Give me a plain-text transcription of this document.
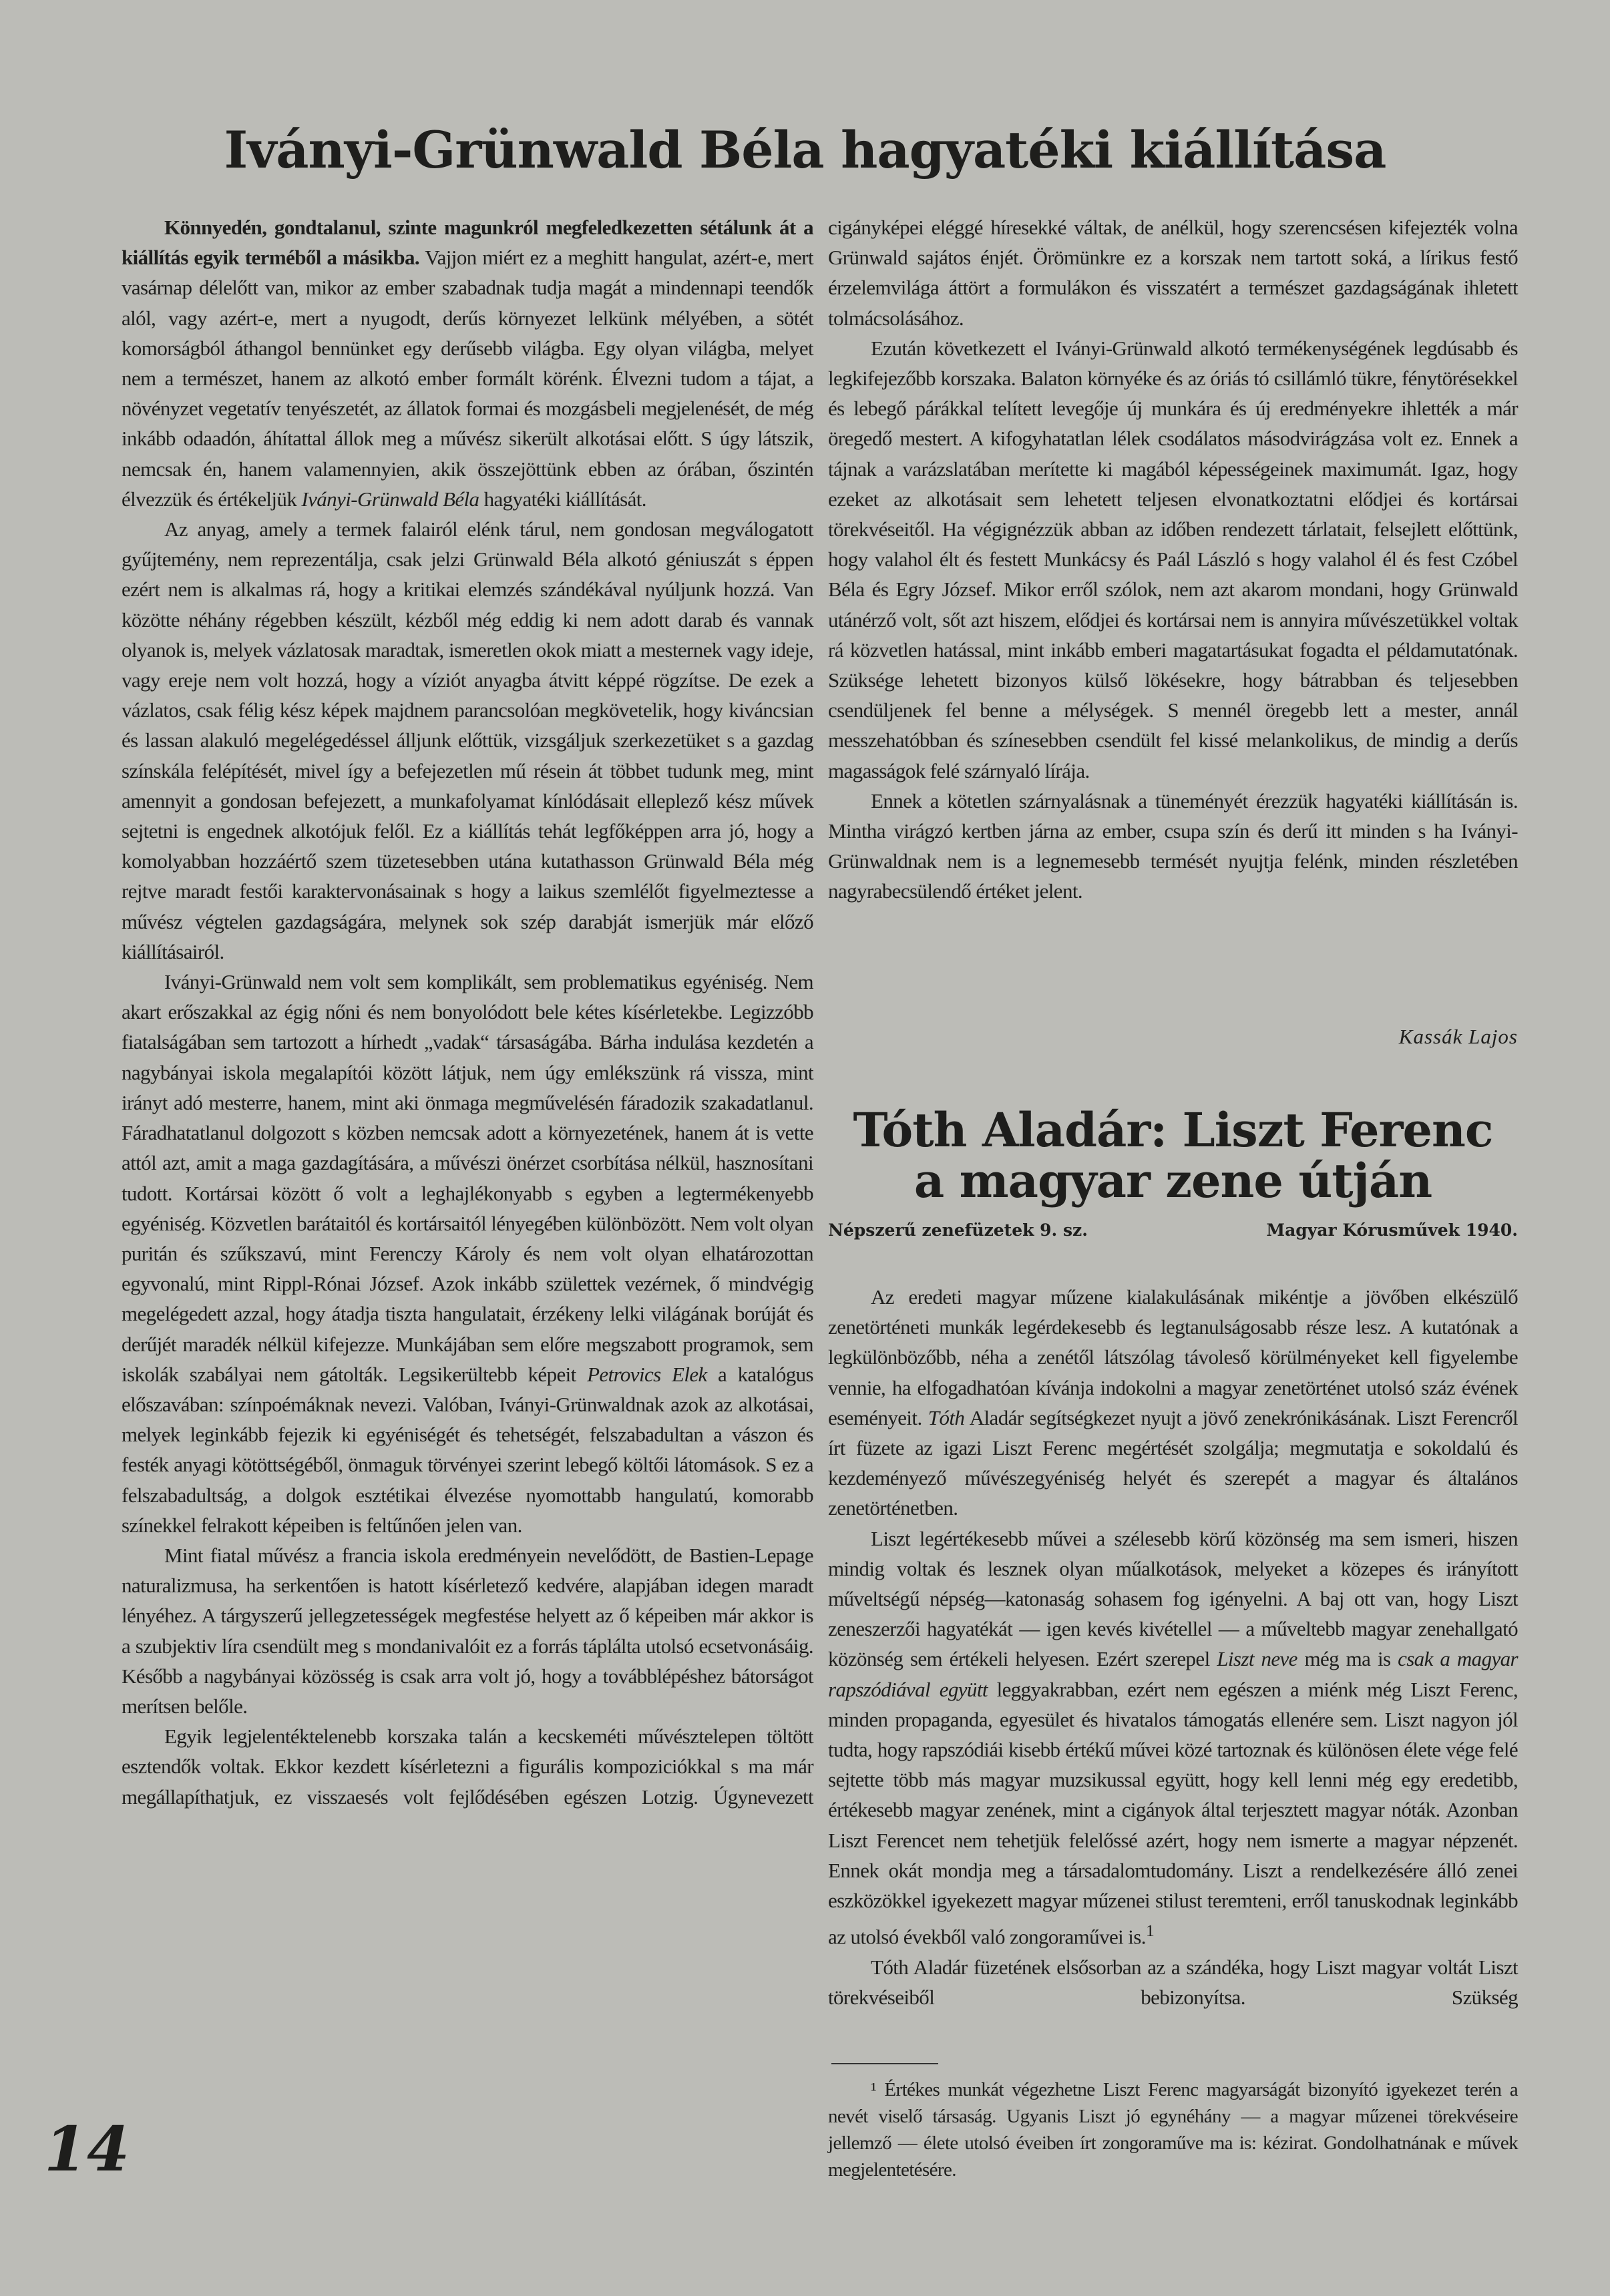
Iványi-Grünwald Béla hagyatéki kiállítása

Könnyedén, gondtalanul, szinte magunkról megfeledkezetten sétálunk át a kiállítás egyik terméből a másikba. Vajjon miért ez a meghitt hangulat, azért-e, mert vasárnap délelőtt van, mikor az ember szabadnak tudja magát a mindennapi teendők alól, vagy azért-e, mert a nyugodt, derűs környezet lelkünk mélyében, a sötét komorságból áthangol bennünket egy derűsebb világba. Egy olyan világba, melyet nem a természet, hanem az alkotó ember formált körénk. Élvezni tudom a tájat, a növényzet vegetatív tenyészetét, az állatok formai és mozgásbeli megjelenését, de még inkább odaadón, áhítattal állok meg a művész sikerült alkotásai előtt. S úgy látszik, nemcsak én, hanem valamennyien, akik összejöttünk ebben az órában, őszintén élvezzük és értékeljük Iványi-Grünwald Béla hagyatéki kiállítását.

Az anyag, amely a termek falairól elénk tárul, nem gondosan megválogatott gyűjtemény, nem reprezentálja, csak jelzi Grünwald Béla alkotó géniuszát s éppen ezért nem is alkalmas rá, hogy a kritikai elemzés szándékával nyúljunk hozzá. Van közötte néhány régebben készült, kézből még eddig ki nem adott darab és vannak olyanok is, melyek vázlatosak maradtak, ismeretlen okok miatt a mesternek vagy ideje, vagy ereje nem volt hozzá, hogy a víziót anyagba átvitt képpé rögzítse. De ezek a vázlatos, csak félig kész képek majdnem parancsolóan megkövetelik, hogy kiváncsian és lassan alakuló megelégedéssel álljunk előttük, vizsgáljuk szerkezetüket s a gazdag színskála felépítését, mivel így a befejezetlen mű résein át többet tudunk meg, mint amennyit a gondosan befejezett, a munkafolyamat kínlódásait elleplező kész művek sejtetni is engednek alkotójuk felől. Ez a kiállítás tehát legfőképpen arra jó, hogy a komolyabban hozzáértő szem tüzetesebben utána kutathasson Grünwald Béla még rejtve maradt festői karaktervonásainak s hogy a laikus szemlélőt figyelmeztesse a művész végtelen gazdagságára, melynek sok szép darabját ismerjük már előző kiállításairól.

Iványi-Grünwald nem volt sem komplikált, sem problematikus egyéniség. Nem akart erőszakkal az égig nőni és nem bonyolódott bele kétes kísérletekbe. Legizzóbb fiatalságában sem tartozott a hírhedt „vadak“ társaságába. Bárha indulása kezdetén a nagybányai iskola megalapítói között látjuk, nem úgy emlékszünk rá vissza, mint irányt adó mesterre, hanem, mint aki önmaga megművelésén fáradozik szakadatlanul. Fáradhatatlanul dolgozott s közben nemcsak adott a környezetének, hanem át is vette attól azt, amit a maga gazdagítására, a művészi önérzet csorbítása nélkül, hasznosítani tudott. Kortársai között ő volt a leghajlékonyabb s egyben a legtermékenyebb egyéniség. Közvetlen barátaitól és kortársaitól lényegében különbözött. Nem volt olyan puritán és szűkszavú, mint Ferenczy Károly és nem volt olyan elhatározottan egyvonalú, mint Rippl-Rónai József. Azok inkább születtek vezérnek, ő mindvégig megelégedett azzal, hogy átadja tiszta hangulatait, érzékeny lelki világának borúját és derűjét maradék nélkül kifejezze. Munkájában sem előre megszabott programok, sem iskolák szabályai nem gátolták. Legsikerültebb képeit Petrovics Elek a katalógus előszavában: színpoémáknak nevezi. Valóban, Iványi-Grünwaldnak azok az alkotásai, melyek leginkább fejezik ki egyéniségét és tehetségét, felszabadultan a vászon és festék anyagi kötöttségéből, önmaguk törvényei szerint lebegő költői látomások. S ez a felszabadultság, a dolgok esztétikai élvezése nyomottabb hangulatú, komorabb színekkel felrakott képeiben is feltűnően jelen van.

Mint fiatal művész a francia iskola eredményein nevelődött, de Bastien-Lepage naturalizmusa, ha serkentően is hatott kísérletező kedvére, alapjában idegen maradt lényéhez. A tárgyszerű jellegzetességek megfestése helyett az ő képeiben már akkor is a szubjektiv líra csendült meg s mondanivalóit ez a forrás táplálta utolsó ecsetvonásáig. Később a nagybányai közösség is csak arra volt jó, hogy a továbblépéshez bátorságot merítsen belőle.

Egyik legjelentéktelenebb korszaka talán a kecskeméti művésztelepen töltött esztendők voltak. Ekkor kezdett kísérletezni a figurális kompoziciókkal s ma már megállapíthatjuk, ez visszaesés volt fejlődésében egészen Lotzig. Úgynevezett

cigányképei eléggé híresekké váltak, de anélkül, hogy szerencsésen kifejezték volna Grünwald sajátos énjét. Örömünkre ez a korszak nem tartott soká, a lírikus festő érzelemvilága áttört a formulákon és visszatért a természet gazdagságának ihletett tolmácsolásához.

Ezután következett el Iványi-Grünwald alkotó termékenységének legdúsabb és legkifejezőbb korszaka. Balaton környéke és az óriás tó csillámló tükre, fénytörésekkel és lebegő párákkal telített levegője új munkára és új eredményekre ihlették a már öregedő mestert. A kifogyhatatlan lélek csodálatos másodvirágzása volt ez. Ennek a tájnak a varázslatában merítette ki magából képességeinek maximumát. Igaz, hogy ezeket az alkotásait sem lehetett teljesen elvonatkoztatni elődjei és kortársai törekvéseitől. Ha végignézzük abban az időben rendezett tárlatait, felsejlett előttünk, hogy valahol élt és festett Munkácsy és Paál László s hogy valahol él és fest Czóbel Béla és Egry József. Mikor erről szólok, nem azt akarom mondani, hogy Grünwald utánérző volt, sőt azt hiszem, elődjei és kortársai nem is annyira művészetükkel voltak rá közvetlen hatással, mint inkább emberi magatartásukat fogadta el példamutatónak. Szüksége lehetett bizonyos külső lökésekre, hogy bátrabban és teljesebben csendüljenek fel benne a mélységek. S mennél öregebb lett a mester, annál messzehatóbban és színesebben csendült fel kissé melankolikus, de mindig a derűs magasságok felé szárnyaló lírája.

Ennek a kötetlen szárnyalásnak a tüneményét érezzük hagyatéki kiállításán is. Mintha virágzó kertben járna az ember, csupa szín és derű itt minden s ha Iványi-Grünwaldnak nem is a legnemesebb termését nyujtja felénk, minden részletében nagyrabecsülendő értéket jelent.

Kassák Lajos
Tóth Aladár: Liszt Ferenc
a magyar zene útján
Népszerű zenefüzetek 9. sz.	Magyar Kórusművek 1940.

Az eredeti magyar műzene kialakulásának mikéntje a jövőben elkészülő zenetörténeti munkák legérdekesebb és legtanulságosabb része lesz. A kutatónak a legkülönbözőbb, néha a zenétől látszólag távoleső körülményeket kell figyelembe vennie, ha elfogadhatóan kívánja indokolni a magyar zenetörténet utolsó száz évének eseményeit. Tóth Aladár segítségkezet nyujt a jövő zenekrónikásának. Liszt Ferencről írt füzete az igazi Liszt Ferenc megértését szolgálja; megmutatja e sokoldalú és kezdeményező művészegyéniség helyét és szerepét a magyar és általános zenetörténetben.

Liszt legértékesebb művei a szélesebb körű közönség ma sem ismeri, hiszen mindig voltak és lesznek olyan műalkotások, melyeket a közepes és irányított műveltségű népség—katonaság sohasem fog igényelni. A baj ott van, hogy Liszt zeneszerzői hagyatékát — igen kevés kivétellel — a műveltebb magyar zenehallgató közönség sem értékeli helyesen. Ezért szerepel Liszt neve még ma is csak a magyar rapszódiával együtt leggyakrabban, ezért nem egészen a miénk még Liszt Ferenc, minden propaganda, egyesület és hivatalos támogatás ellenére sem. Liszt nagyon jól tudta, hogy rapszódiái kisebb értékű művei közé tartoznak és különösen élete vége felé sejtette több más magyar muzsikussal együtt, hogy kell lenni még egy eredetibb, értékesebb magyar zenének, mint a cigányok által terjesztett magyar nóták. Azonban Liszt Ferencet nem tehetjük felelőssé azért, hogy nem ismerte a magyar népzenét. Ennek okát mondja meg a társadalomtudomány. Liszt a rendelkezésére álló zenei eszközökkel igyekezett magyar műzenei stilust teremteni, erről tanuskodnak leginkább az utolsó évekből való zongoraművei is.$^1$

Tóth Aladár füzetének elsősorban az a szándéka, hogy Liszt magyar voltát Liszt törekvéseiből bebizonyítsa. Szükség

¹ Értékes munkát végezhetne Liszt Ferenc magyarságát bizonyító igyekezet terén a nevét viselő társaság. Ugyanis Liszt jó egynéhány — a magyar műzenei törekvéseire jellemző — élete utolsó éveiben írt zongoraműve ma is: kézirat. Gondolhatnának e művek megjelentetésére.

14
